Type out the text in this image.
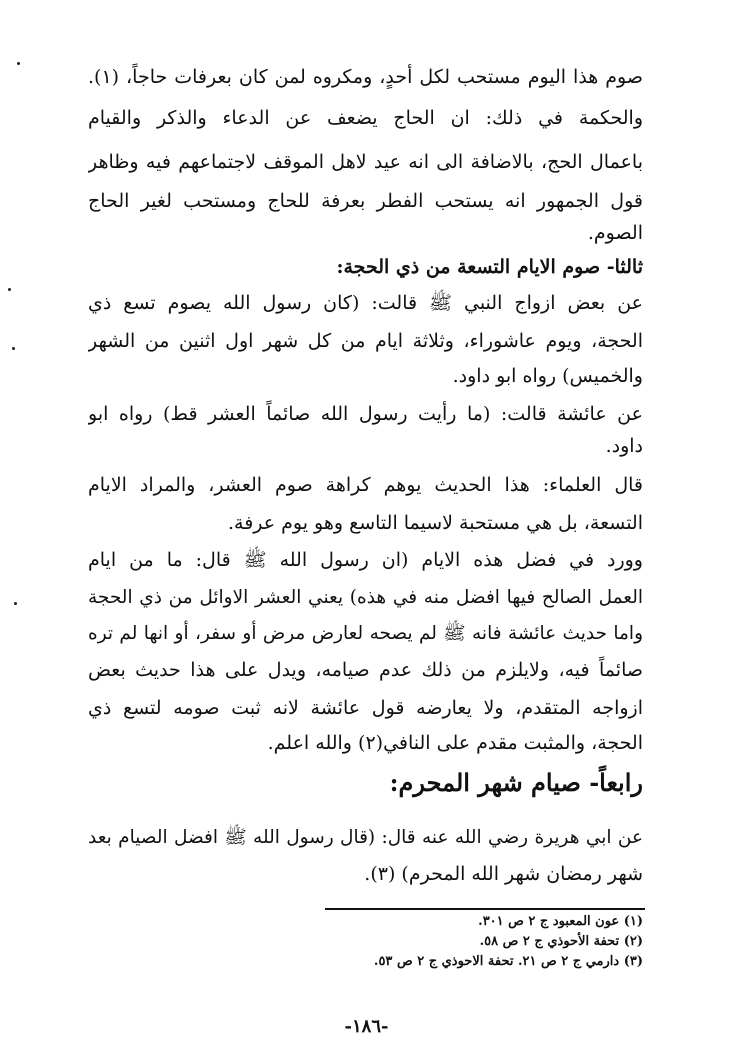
صوم هذا اليوم مستحب لكل أحدٍ، ومكروه لمن كان بعرفات حاجاً، (١).
والحكمة في ذلك: ان الحاج يضعف عن الدعاء والذكر والقيام
باعمال الحج، بالاضافة الى انه عيد لاهل الموقف لاجتماعهم فيه وظاهر
قول الجمهور انه يستحب الفطر بعرفة للحاج ومستحب لغير الحاج
الصوم.
ثالثا- صوم الايام التسعة من ذي الحجة:
عن بعض ازواج النبي ﷺ قالت: (كان رسول الله يصوم تسع ذي
الحجة، ويوم عاشوراء، وثلاثة ايام من كل شهر اول اثنين من الشهر
والخميس) رواه ابو داود.
عن عائشة قالت: (ما رأيت رسول الله صائماً العشر قط) رواه ابو
داود.
قال العلماء: هذا الحديث يوهم كراهة صوم العشر، والمراد الايام
التسعة، بل هي مستحبة لاسيما التاسع وهو يوم عرفة.
وورد في فضل هذه الايام (ان رسول الله ﷺ قال: ما من ايام
العمل الصالح فيها افضل منه في هذه) يعني العشر الاوائل من ذي الحجة
واما حديث عائشة فانه ﷺ لم يصحه لعارض مرض أو سفر، أو انها لم تره
صائماً فيه، ولايلزم من ذلك عدم صيامه، ويدل على هذا حديث بعض
ازواجه المتقدم، ولا يعارضه قول عائشة لانه ثبت صومه لتسع ذي
الحجة، والمثبت مقدم على النافي(٢) والله اعلم.
رابعاً- صيام شهر المحرم:
عن ابي هريرة رضي الله عنه قال: (قال رسول الله ﷺ افضل الصيام بعد
شهر رمضان شهر الله المحرم) (٣).
(١) عون المعبود ج ٢ ص ٣٠١.
(٢) تحفة الأحوذي ج ٢ ص ٥٨.
(٣) دارمي ج ٢ ص ٢١. تحفة الاحوذي ج ٢ ص ٥٣.
-١٨٦-
